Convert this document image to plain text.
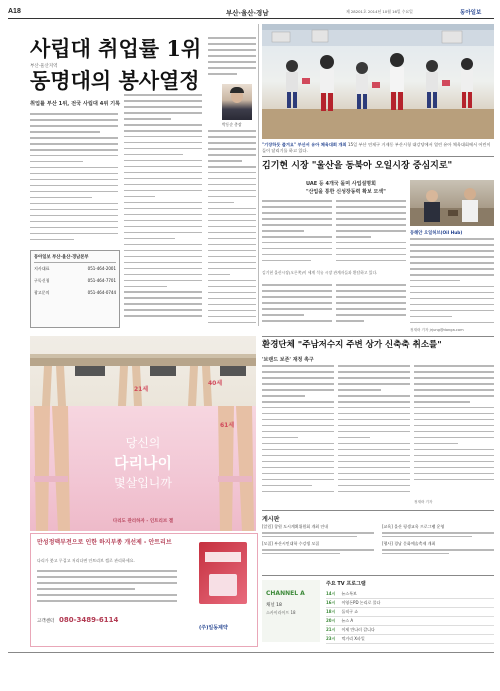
A18	부산·울산·경남	제 28201호 2014년 10월 16일 수요일	동아일보
사립대 취업률 1위
부산·울산지역
동명대의 봉사열정
취업률 부산 1위, 전국 사립대 4위 기록
동아일보 부산·울산·경남본부
지사대표	051-464-2001
구독신청	051-464-7701
광고문의	051-464-0744
박동순 총장
"기장하듯 즐겨요" 부산서 유아 체육대회 개최 15일 부산 연제구 거제동 부산시청 대강당에서 열린 유아 체육대회에서 어린이들이 달리기를 하고 있다.
김기현 시장 "울산을 동북아 오일시장 중심지로"
UAE 등 4개국 돌며 사업설명회
"산업을 통한 신성장동력 확보 모색"
동해안 오일허브(Oil Hub)
김기현 울산시장(오른쪽)이 세계 석유 시장 관계자들과 환담하고 있다.
정재락 기자 jrjung@donga.com
21세
40세
61세
당신의
다리나이
몇살입니까
다리도 관리하자 - 인트리브 겔
만성정맥부전으로 인한 하지부종 개선제 - 안트리브
다리가 붓고 무겁고 저리다면 안트리브 겔로 관리하세요.
고객센터 080-3489-6114
(주)일동제약
환경단체 "주남저수지 주변 상가 신축축 취소를"
'브랜드 보존' 재정 촉구
정재락 기자
게시판
[알림] 창원 도시계획위원회 개최 안내
[모집] 부산시민대학 수강생 모집
[교육] 울산 평생교육 프로그램 운영
[행사] 경남 문화예술축제 개최
CHANNEL A
채널 18
스카이라이프 18
주요 TV 프로그램
14시 뉴스특보
16시 이영돈PD 논리로 풀다
18시 돌직구 쇼
20시 뉴스 A
21시 이제 만나러 갑니다
23시 먹거리 X파일
